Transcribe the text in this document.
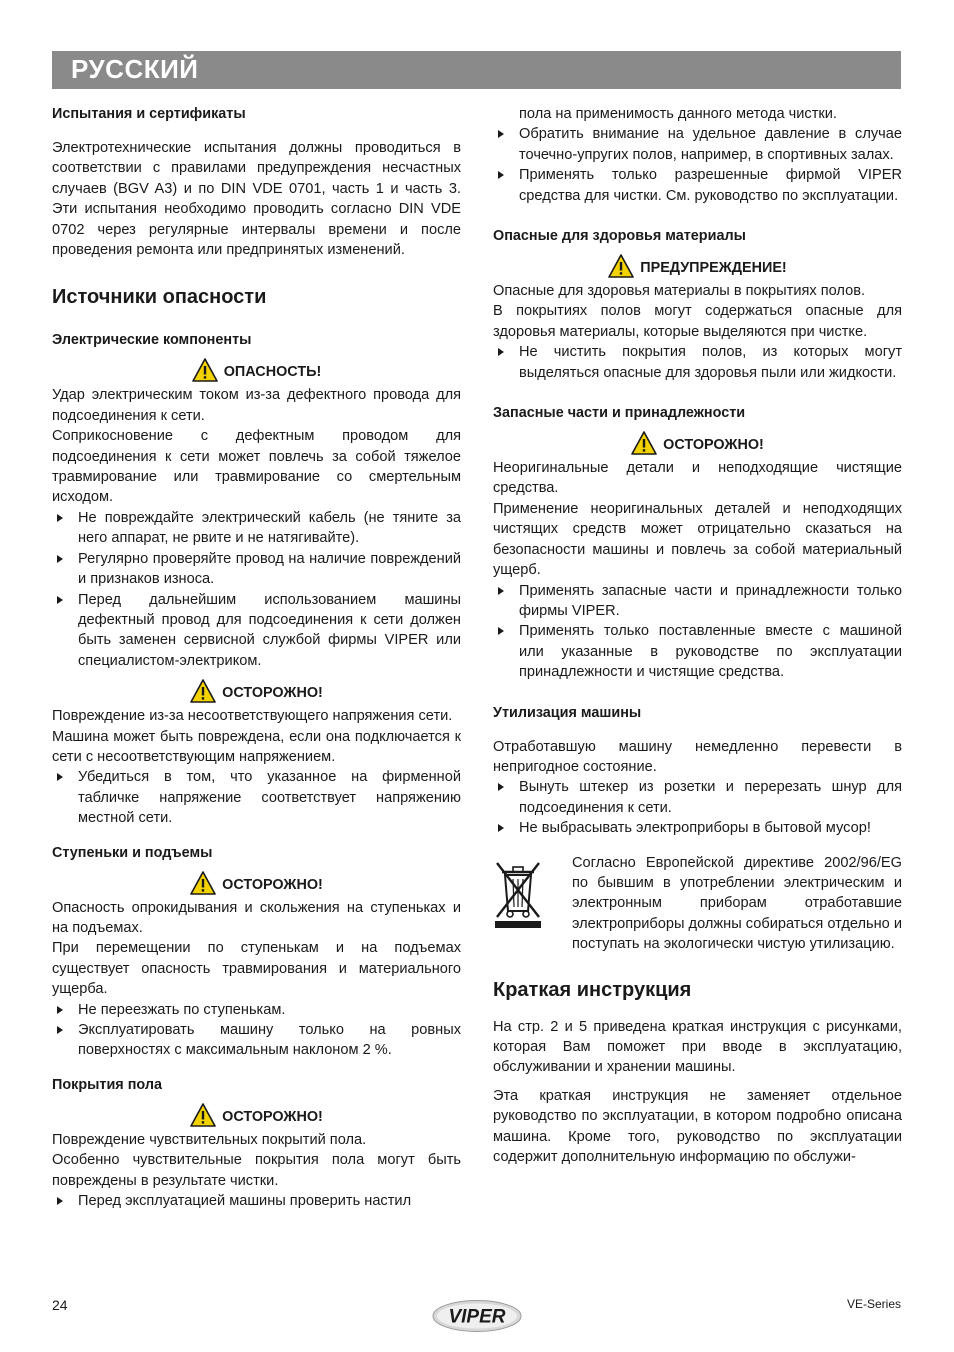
РУССКИЙ

Испытания и сертификаты

Электротехнические испытания должны проводиться в соответствии с правилами предупреждения несчастных случаев (BGV A3) и по DIN VDE 0701, часть 1 и часть 3. Эти испытания необходимо проводить согласно DIN VDE 0702 через регулярные интервалы времени и после проведения ремонта или предпринятых изменений.

Источники опасности

Электрические компоненты

ОПАСНОСТЬ!

Удар электрическим током из-за дефектного провода для подсоединения к сети.

Соприкосновение с дефектным проводом для подсоединения к сети может повлечь за собой тяжелое травмирование или травмирование со смертельным исходом.

Не повреждайте электрический кабель (не тяните за него аппарат, не рвите и не натягивайте).

Регулярно проверяйте провод на наличие повреждений и признаков износа.

Перед дальнейшим использованием машины дефектный провод для подсоединения к сети должен быть заменен сервисной службой фирмы VIPER или специалистом-электриком.

ОСТОРОЖНО!

Повреждение из-за несоответствующего напряжения сети.

Машина может быть повреждена, если она подключается к сети с несоответствующим напряжением.

Убедиться в том, что указанное на фирменной табличке напряжение соответствует напряжению местной сети.

Ступеньки и подъемы

ОСТОРОЖНО!

Опасность опрокидывания и скольжения на ступеньках и на подъемах.

При перемещении по ступенькам и на подъемах существует опасность травмирования и материального ущерба.

Не переезжать по ступенькам.

Эксплуатировать машину только на ровных поверхностях с максимальным наклоном 2 %.

Покрытия пола

ОСТОРОЖНО!

Повреждение чувствительных покрытий пола.

Особенно чувствительные покрытия пола могут быть повреждены в результате чистки.

Перед эксплуатацией машины проверить настил

пола на применимость данного метода чистки.

Обратить внимание на удельное давление в случае точечно-упругих полов, например, в спортивных залах.

Применять только разрешенные фирмой VIPER средства для чистки. См. руководство по эксплуатации.

Опасные для здоровья материалы

ПРЕДУПРЕЖДЕНИЕ!

Опасные для здоровья материалы в покрытиях полов.

В покрытиях полов могут содержаться опасные для здоровья материалы, которые выделяются при чистке.

Не чистить покрытия полов, из которых могут выделяться опасные для здоровья пыли или жидкости.

Запасные части и принадлежности

ОСТОРОЖНО!

Неоригинальные детали и неподходящие чистящие средства.

Применение неоригинальных деталей и неподходящих чистящих средств может отрицательно сказаться на безопасности машины и повлечь за собой материальный ущерб.

Применять запасные части и принадлежности только фирмы VIPER.

Применять только поставленные вместе с машиной или указанные в руководстве по эксплуатации принадлежности и чистящие средства.

Утилизация машины

Отработавшую машину немедленно перевести в непригодное состояние.

Вынуть штекер из розетки и перерезать шнур для подсоединения к сети.

Не выбрасывать электроприборы в бытовой мусор!

Согласно Европейской директиве 2002/96/EG по бывшим в употреблении электрическим и электронным приборам отработавшие электроприборы должны собираться отдельно и поступать на экологически чистую утилизацию.

Краткая инструкция

На стр. 2 и 5 приведена краткая инструкция с рисунками, которая Вам поможет при вводе в эксплуатацию, обслуживании и хранении машины.

Эта краткая инструкция не заменяет отдельное руководство по эксплуатации, в котором подробно описана машина. Кроме того, руководство по эксплуатации содержит дополнительную информацию по обслужи-

24
VIPER
VE-Series
